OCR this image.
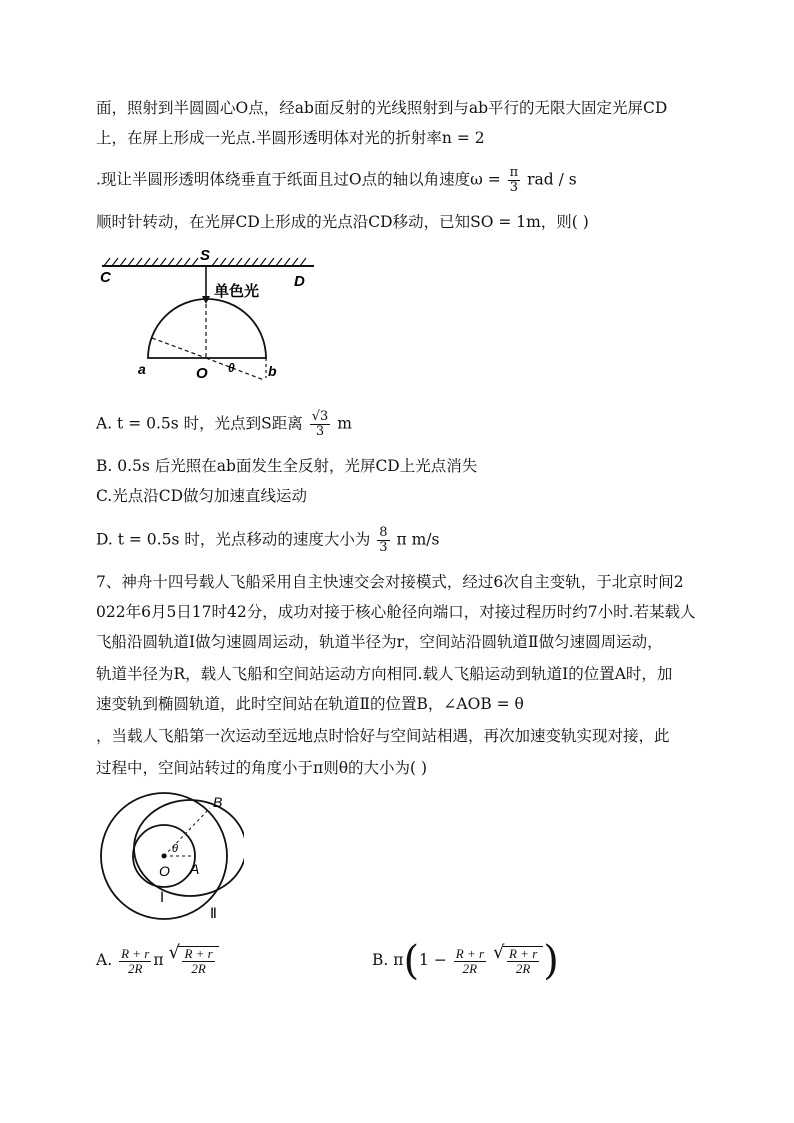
面，照射到半圆圆心O点，经ab面反射的光线照射到与ab平行的无限大固定光屏CD
上，在屏上形成一光点.半圆形透明体对光的折射率n = 2
.现让半圆形透明体绕垂直于纸面且过O点的轴以角速度$\omega = \frac{\pi}{3}$ rad / s
顺时针转动，在光屏CD上形成的光点沿CD移动，已知SO = 1m，则( )
C	D
S
单色光
a	O θ b
A. t = 0.5s 时，光点到S距离 $\frac{√3}{3}$ m
B. 0.5s 后光照在ab面发生全反射，光屏CD上光点消失
C.光点沿CD做匀加速直线运动
D. t = 0.5s 时，光点移动的速度大小为 $\frac{8}{3}$ π m/s
7、神舟十四号载人飞船采用自主快速交会对接模式，经过6次自主变轨，于北京时间2
022年6月5日17时42分，成功对接于核心舱径向端口，对接过程历时约7小时.若某载人
飞船沿圆轨道Ⅰ做匀速圆周运动，轨道半径为r，空间站沿圆轨道Ⅱ做匀速圆周运动，
轨道半径为R，载人飞船和空间站运动方向相同.载人飞船运动到轨道Ⅰ的位置A时，加
速变轨到椭圆轨道，此时空间站在轨道Ⅱ的位置B，∠AOB = θ
，当载人飞船第一次运动至远地点时恰好与空间站相遇，再次加速变轨实现对接，此
过程中，空间站转过的角度小于π则θ的大小为( )
B
θ
O A
Ⅰ
Ⅱ
A. $\frac{R + r}{2R}$ π √ $\frac{R + r}{2R}$	B. $\pi(1 - \frac{R + r}{2R}$
√ $\frac{R + r}{2R}$ )
